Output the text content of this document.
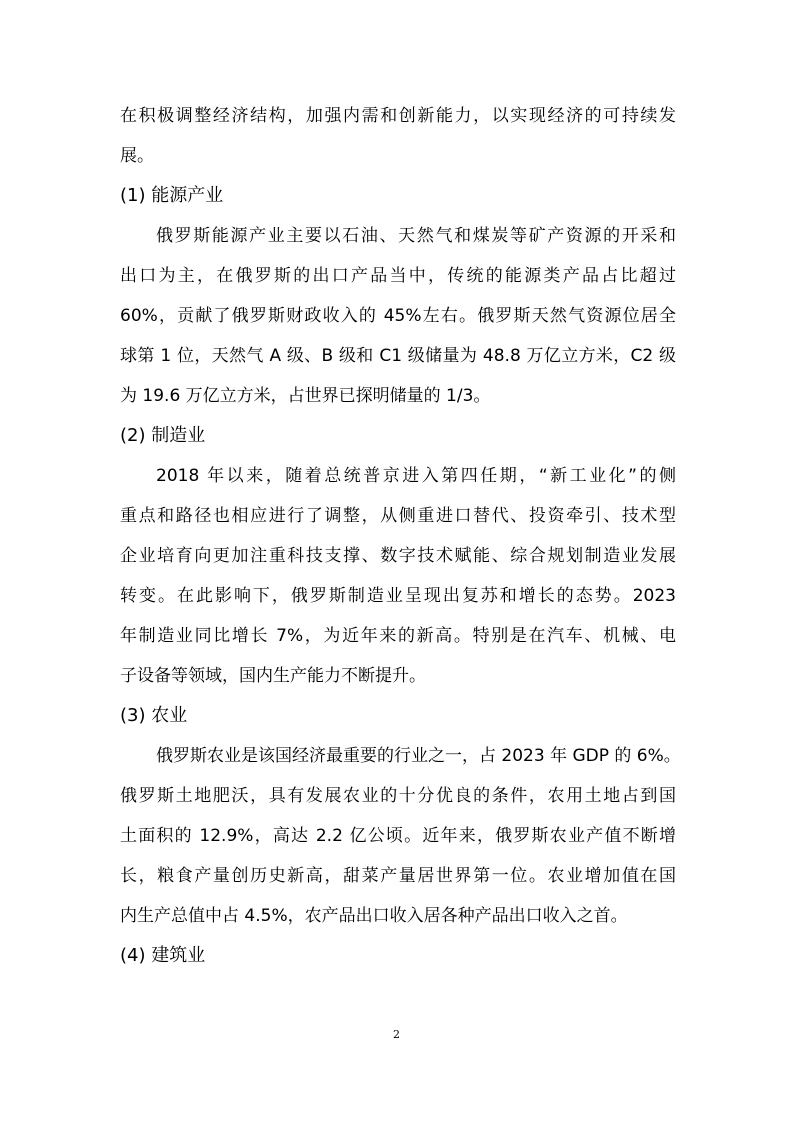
在积极调整经济结构，加强内需和创新能力，以实现经济的可持续发
展。
(1) 能源产业
俄罗斯能源产业主要以石油、天然气和煤炭等矿产资源的开采和
出口为主，在俄罗斯的出口产品当中，传统的能源类产品占比超过
60%，贡献了俄罗斯财政收入的 45%左右。俄罗斯天然气资源位居全
球第 1 位，天然气 A 级、B 级和 C1 级储量为 48.8 万亿立方米，C2 级
为 19.6 万亿立方米，占世界已探明储量的 1/3。
(2) 制造业
2018 年以来，随着总统普京进入第四任期，“新工业化”的侧
重点和路径也相应进行了调整，从侧重进口替代、投资牵引、技术型
企业培育向更加注重科技支撑、数字技术赋能、综合规划制造业发展
转变。在此影响下，俄罗斯制造业呈现出复苏和增长的态势。2023
年制造业同比增长 7%，为近年来的新高。特别是在汽车、机械、电
子设备等领域，国内生产能力不断提升。
(3) 农业
俄罗斯农业是该国经济最重要的行业之一，占 2023 年 GDP 的 6%。
俄罗斯土地肥沃，具有发展农业的十分优良的条件，农用土地占到国
土面积的 12.9%，高达 2.2 亿公顷。近年来，俄罗斯农业产值不断增
长，粮食产量创历史新高，甜菜产量居世界第一位。农业增加值在国
内生产总值中占 4.5%，农产品出口收入居各种产品出口收入之首。
(4) 建筑业
2
